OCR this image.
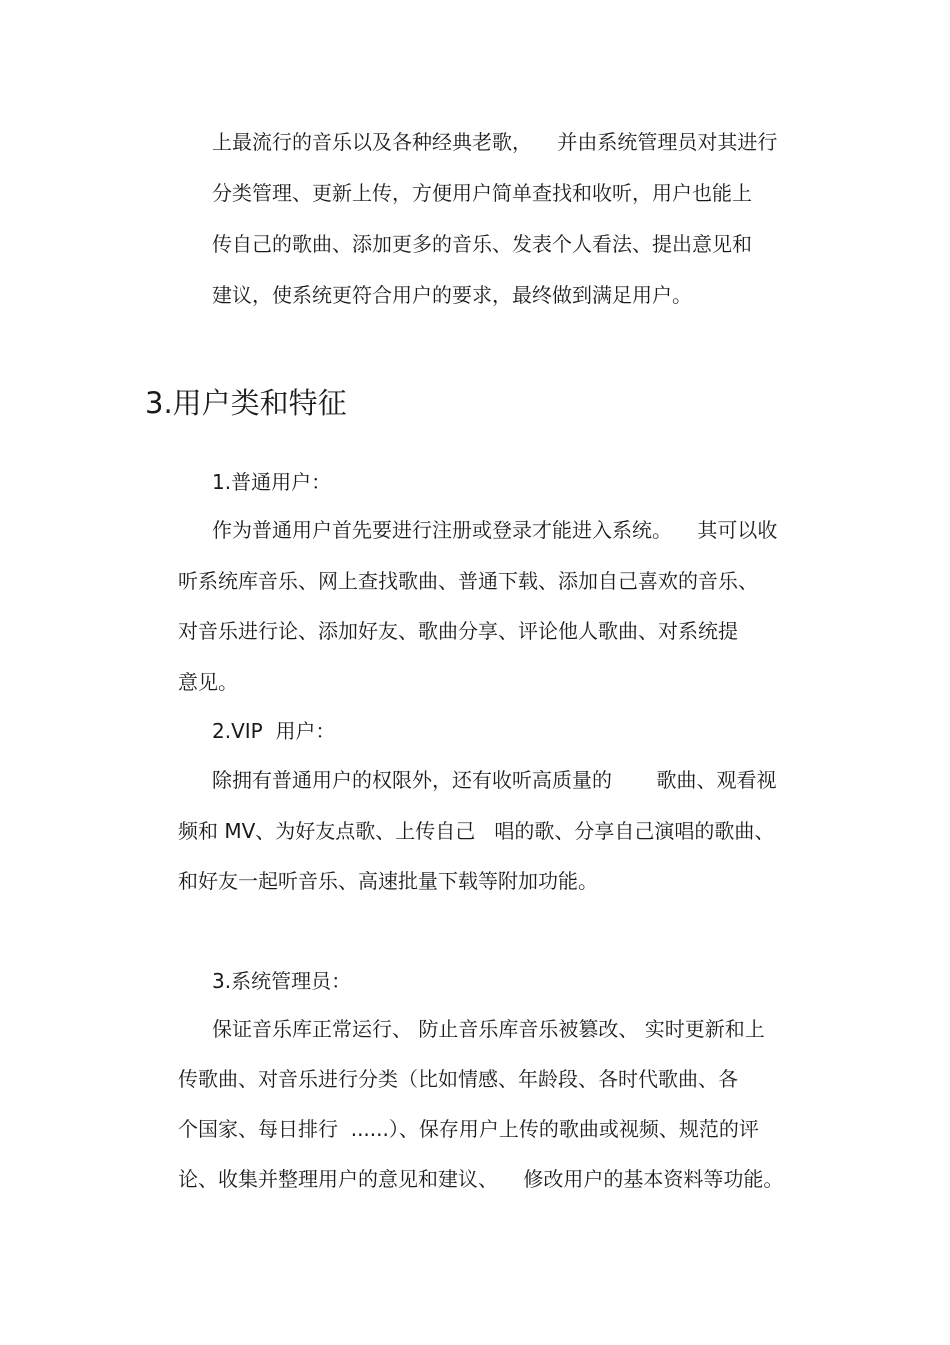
上最流行的音乐以及各种经典老歌，    并由系统管理员对其进行
分类管理、更新上传，方便用户简单查找和收听，用户也能上
传自己的歌曲、添加更多的音乐、发表个人看法、提出意见和
建议，使系统更符合用户的要求，最终做到满足用户。
3.用户类和特征
1.普通用户：
作为普通用户首先要进行注册或登录才能进入系统。    其可以收
听系统库音乐、网上查找歌曲、普通下载、添加自己喜欢的音乐、
对音乐进行论、添加好友、歌曲分享、评论他人歌曲、对系统提
意见。
2.VIP  用户：
除拥有普通用户的权限外，还有收听高质量的       歌曲、观看视
频和 MV、为好友点歌、上传自己   唱的歌、分享自己演唱的歌曲、
和好友一起听音乐、高速批量下载等附加功能。
3.系统管理员：
保证音乐库正常运行、 防止音乐库音乐被篡改、 实时更新和上
传歌曲、对音乐进行分类（比如情感、年龄段、各时代歌曲、各
个国家、每日排行  ......）、保存用户上传的歌曲或视频、规范的评
论、收集并整理用户的意见和建议、    修改用户的基本资料等功能。
